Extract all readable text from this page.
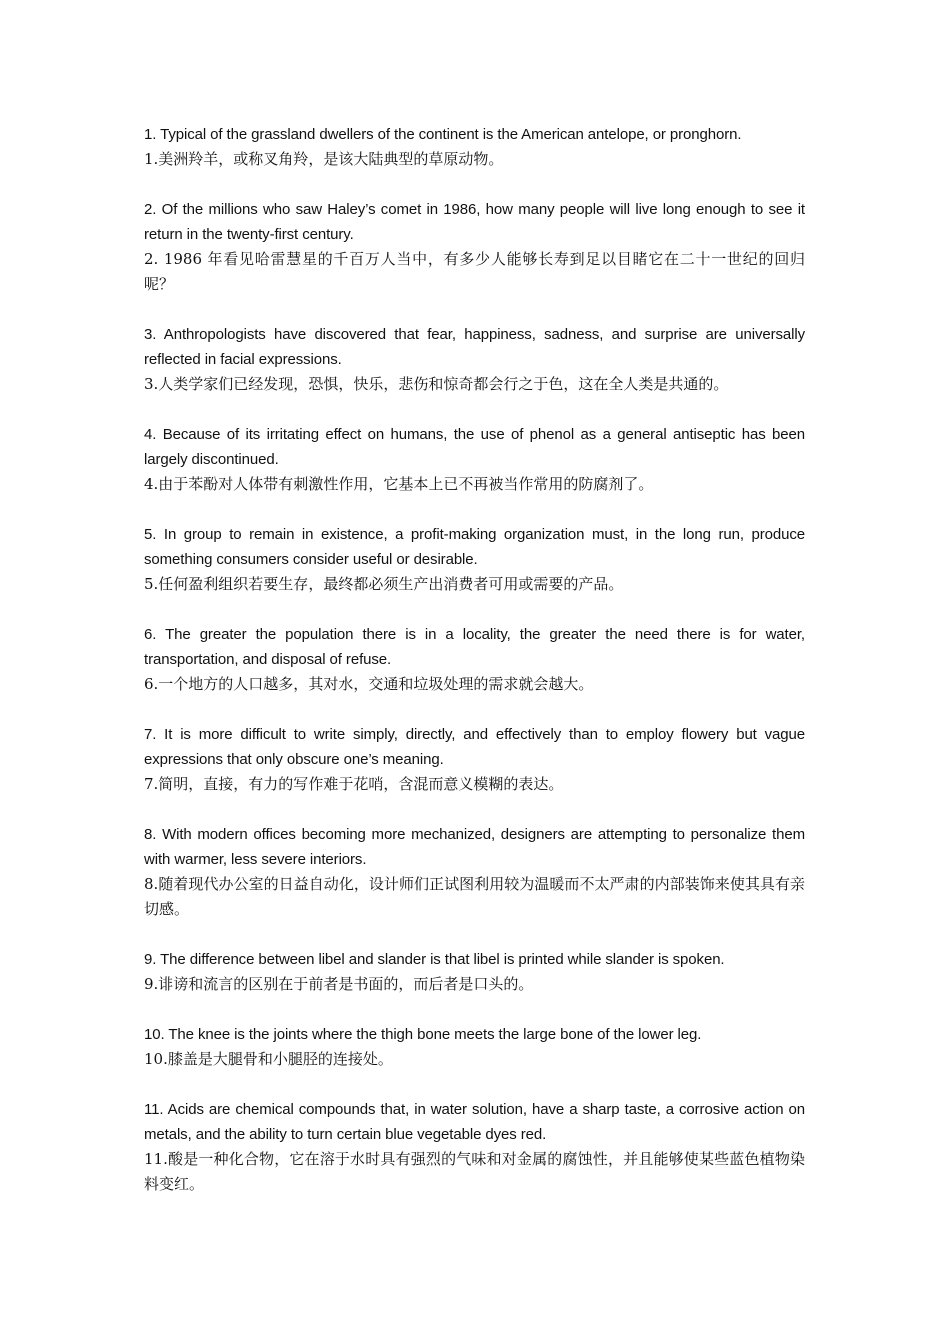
1. Typical of the grassland dwellers of the continent is the American antelope, or pronghorn.

1.美洲羚羊，或称叉角羚，是该大陆典型的草原动物。

2. Of the millions who saw Haley’s comet in 1986, how many people will live long enough to see it return in the twenty-first century.

2. 1986 年看见哈雷慧星的千百万人当中，有多少人能够长寿到足以目睹它在二十一世纪的回归呢？

3. Anthropologists have discovered that fear, happiness, sadness, and surprise are universally reflected in facial expressions.

3.人类学家们已经发现，恐惧，快乐，悲伤和惊奇都会行之于色，这在全人类是共通的。

4. Because of its irritating effect on humans, the use of phenol as a general antiseptic has been largely discontinued.

4.由于苯酚对人体带有刺激性作用，它基本上已不再被当作常用的防腐剂了。

5. In group to remain in existence, a profit-making organization must, in the long run, produce something consumers consider useful or desirable.

5.任何盈利组织若要生存，最终都必须生产出消费者可用或需要的产品。

6. The greater the population there is in a locality, the greater the need there is for water, transportation, and disposal of refuse.

6.一个地方的人口越多，其对水，交通和垃圾处理的需求就会越大。

7. It is more difficult to write simply, directly, and effectively than to employ flowery but vague expressions that only obscure one’s meaning.

7.简明，直接，有力的写作难于花哨，含混而意义模糊的表达。

8. With modern offices becoming more mechanized, designers are attempting to personalize them with warmer, less severe interiors.

8.随着现代办公室的日益自动化，设计师们正试图利用较为温暖而不太严肃的内部装饰来使其具有亲切感。

9. The difference between libel and slander is that libel is printed while slander is spoken.

9.诽谤和流言的区别在于前者是书面的，而后者是口头的。

10. The knee is the joints where the thigh bone meets the large bone of the lower leg.

10.膝盖是大腿骨和小腿胫的连接处。

11. Acids are chemical compounds that, in water solution, have a sharp taste, a corrosive action on metals, and the ability to turn certain blue vegetable dyes red.

11.酸是一种化合物，它在溶于水时具有强烈的气味和对金属的腐蚀性，并且能够使某些蓝色植物染料变红。
